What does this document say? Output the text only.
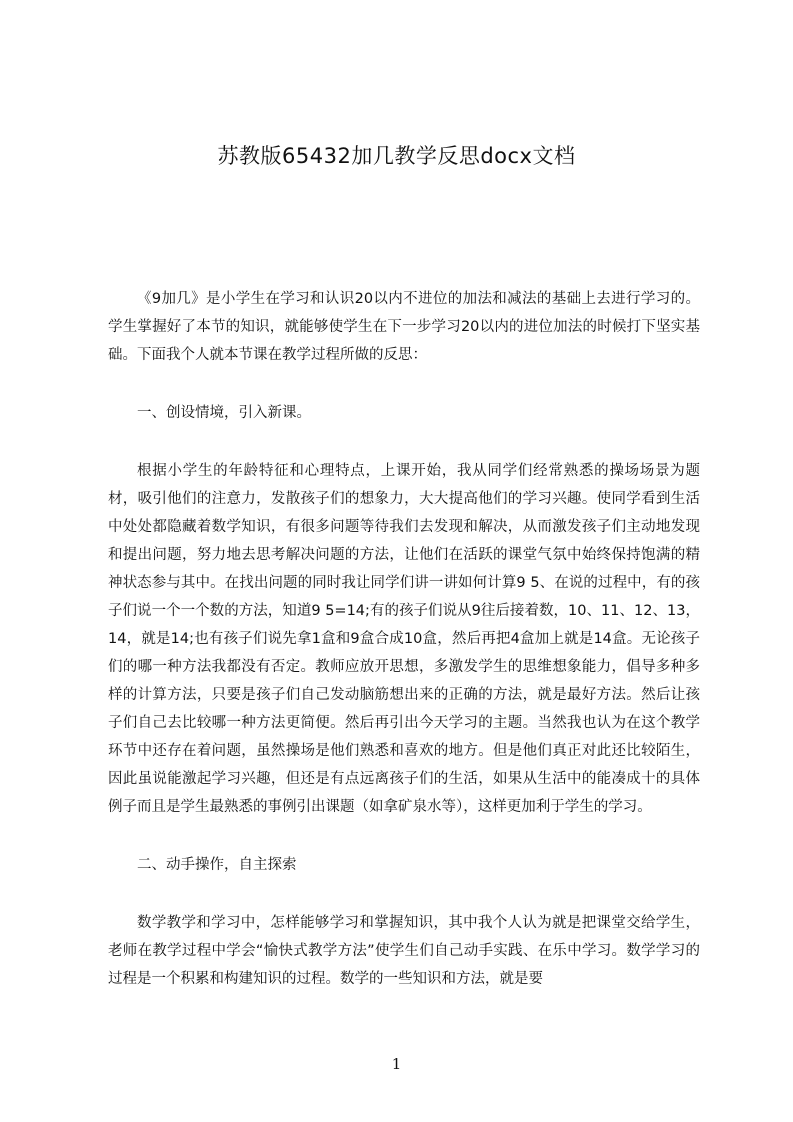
苏教版65432加几教学反思docx文档

《9加几》是小学生在学习和认识20以内不进位的加法和减法的基础上去进行学习的。学生掌握好了本节的知识，就能够使学生在下一步学习20以内的进位加法的时候打下坚实基础。下面我个人就本节课在教学过程所做的反思：

一、创设情境，引入新课。

根据小学生的年龄特征和心理特点，上课开始，我从同学们经常熟悉的操场场景为题材，吸引他们的注意力，发散孩子们的想象力，大大提高他们的学习兴趣。使同学看到生活中处处都隐藏着数学知识，有很多问题等待我们去发现和解决，从而激发孩子们主动地发现和提出问题，努力地去思考解决问题的方法，让他们在活跃的课堂气氛中始终保持饱满的精神状态参与其中。在找出问题的同时我让同学们讲一讲如何计算9 5、在说的过程中，有的孩子们说一个一个数的方法，知道9 5=14;有的孩子们说从9往后接着数，10、11、12、13，14，就是14;也有孩子们说先拿1盒和9盒合成10盒，然后再把4盒加上就是14盒。无论孩子们的哪一种方法我都没有否定。教师应放开思想，多激发学生的思维想象能力，倡导多种多样的计算方法，只要是孩子们自己发动脑筋想出来的正确的方法，就是最好方法。然后让孩子们自己去比较哪一种方法更简便。然后再引出今天学习的主题。当然我也认为在这个教学环节中还存在着问题，虽然操场是他们熟悉和喜欢的地方。但是他们真正对此还比较陌生，因此虽说能激起学习兴趣，但还是有点远离孩子们的生活，如果从生活中的能凑成十的具体例子而且是学生最熟悉的事例引出课题（如拿矿泉水等），这样更加利于学生的学习。

二、动手操作，自主探索

数学教学和学习中，怎样能够学习和掌握知识，其中我个人认为就是把课堂交给学生，老师在教学过程中学会“愉快式教学方法”使学生们自己动手实践、在乐中学习。数学学习的过程是一个积累和构建知识的过程。数学的一些知识和方法，就是要

1
